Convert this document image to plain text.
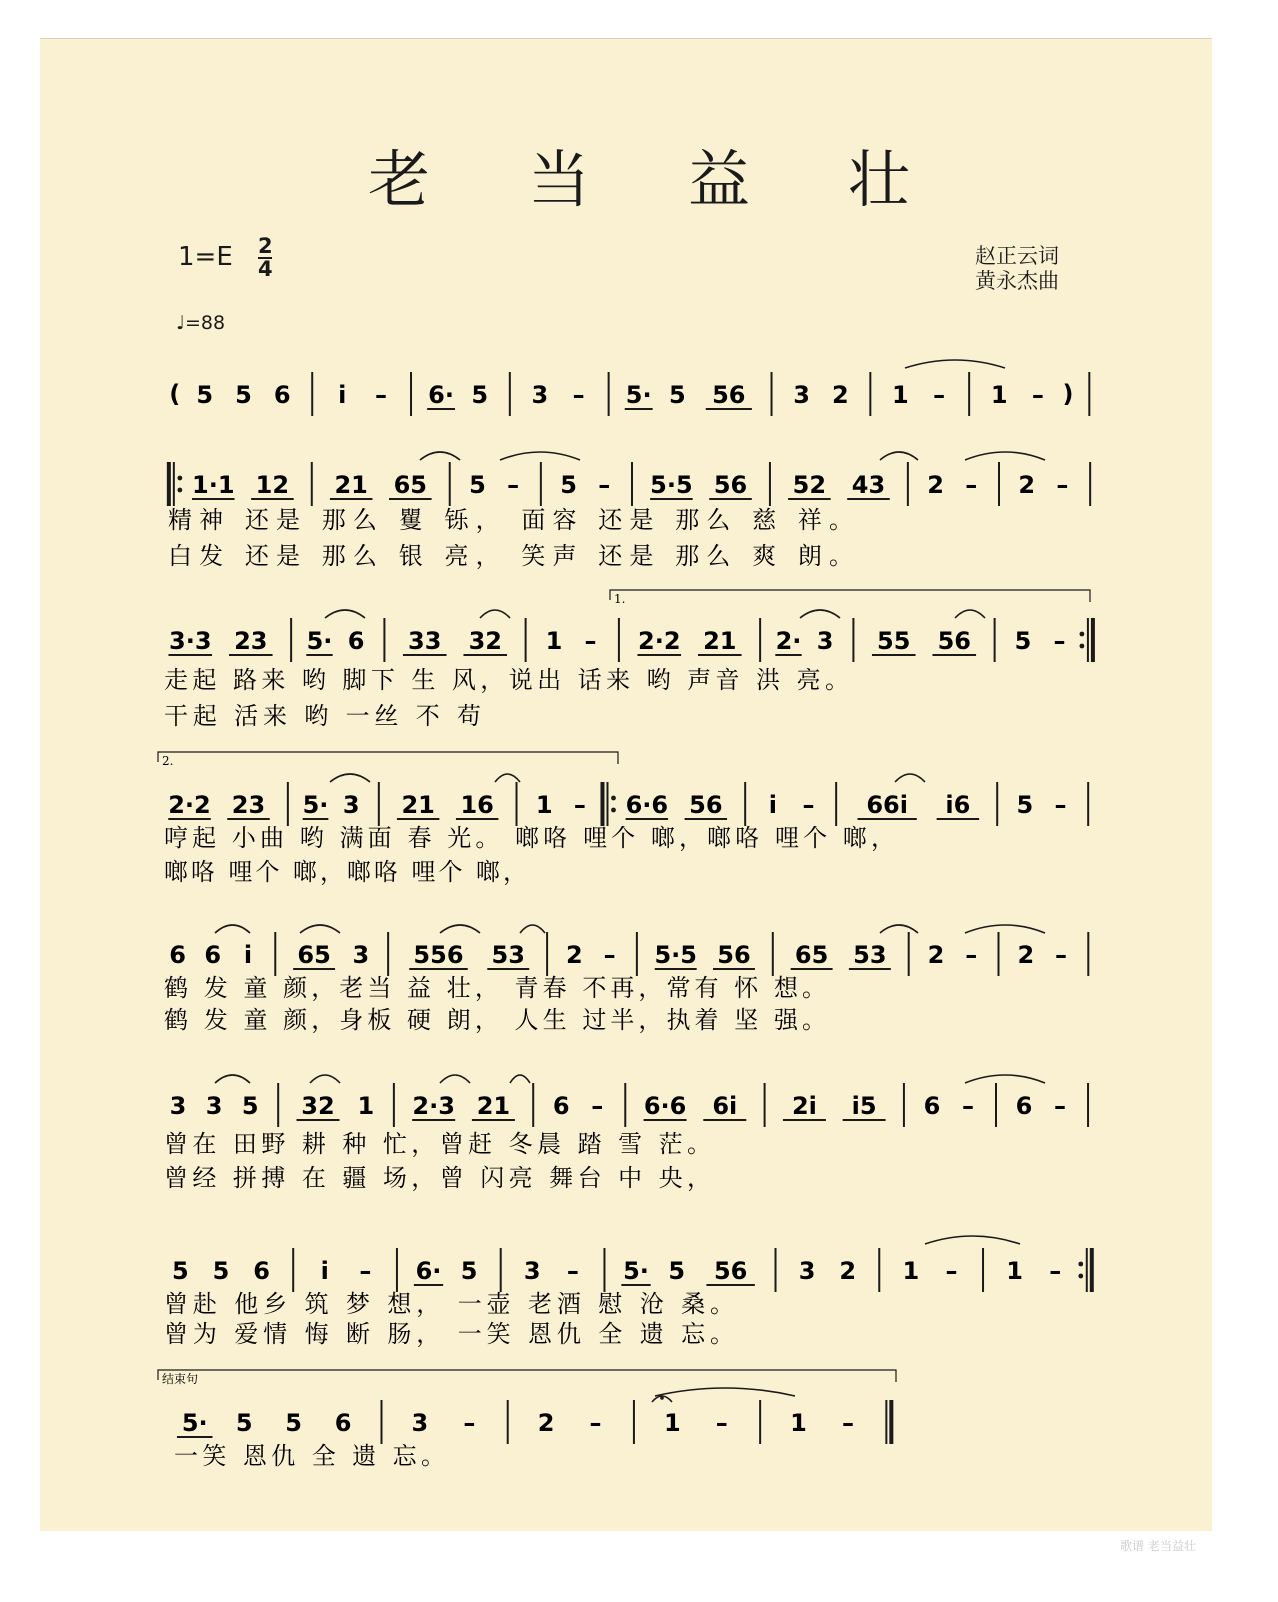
老当益壮
1=E 2
4
♩=88
赵正云词
黄永杰曲
( 5 5 6 i – 6· 5 3 – 5· 5 56 3 2 1 – 1 – )
1·1 12 21 65 5 – 5 – 5·5 56 52 43 2 – 2 –
精神 还是 那么 矍 铄， 面容 还是 那么 慈 祥。
白发 还是 那么 银 亮， 笑声 还是 那么 爽 朗。
3·3 23 5· 6 33 32 1 – 2·2 21 2· 3 55 56 5 –
走起 路来 哟 脚下 生 风，说出 话来 哟 声音 洪 亮。
干起 活来 哟 一丝 不 苟
2·2 23 5· 3 21 16 1 – 6·6 56 i – 66i i6 5 –
哼起 小曲 哟 满面 春 光。 啷咯 哩个 啷，啷咯 哩个 啷，
啷咯 哩个 啷，啷咯 哩个 啷，
6 6 i 65 3 556 53 2 – 5·5 56 65 53 2 – 2 –
鹤 发 童 颜，老当 益 壮， 青春 不再，常有 怀 想。
鹤 发 童 颜，身板 硬 朗， 人生 过半，执着 坚 强。
3 3 5 32 1 2·3 21 6 – 6·6 6i 2i i5 6 – 6 –
曾在 田野 耕 种 忙，曾赶 冬晨 踏 雪 茫。
曾经 拼搏 在 疆 场，曾 闪亮 舞台 中 央，
5 5 6 i – 6· 5 3 – 5· 5 56 3 2 1 – 1 –
曾赴 他乡 筑 梦 想， 一壶 老酒 慰 沧 桑。
曾为 爱情 悔 断 肠， 一笑 恩仇 全 遗 忘。
5· 5 5 6	3 –	2 –	1 –	1 –
一笑 恩仇 全 遗 忘。
1.
2.
结束句
歌谱 老当益壮
